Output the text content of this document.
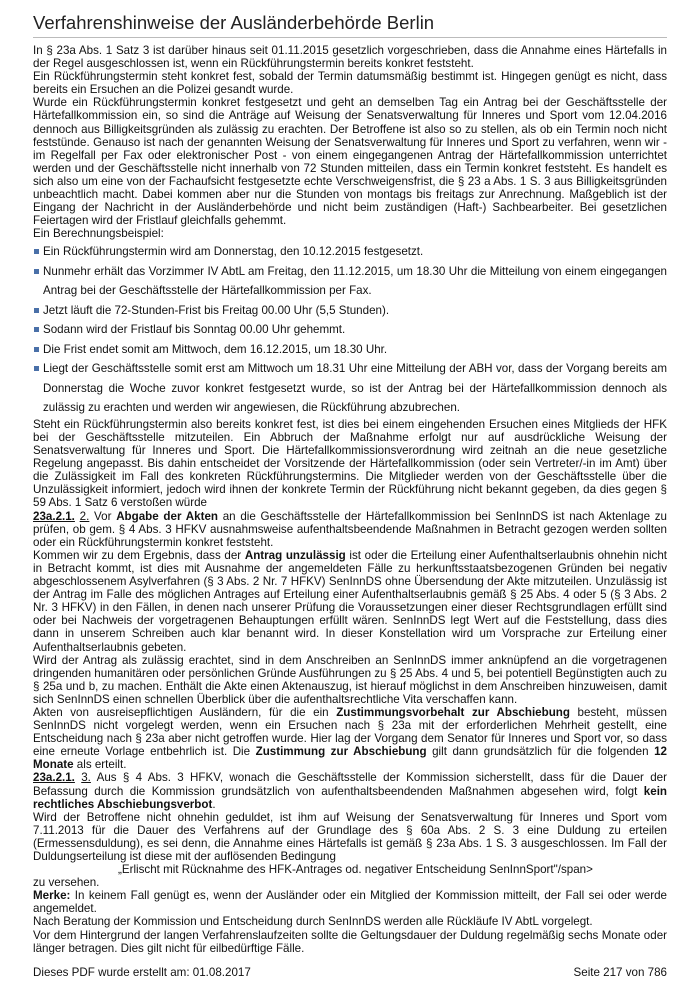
Verfahrenshinweise der Ausländerbehörde Berlin

In § 23a Abs. 1 Satz 3 ist darüber hinaus seit 01.11.2015 gesetzlich vorgeschrieben, dass die Annahme eines Härtefalls in der Regel ausgeschlossen ist, wenn ein Rückführungstermin bereits konkret feststeht.

Ein Rückführungstermin steht konkret fest, sobald der Termin datumsmäßig bestimmt ist. Hingegen genügt es nicht, dass bereits ein Ersuchen an die Polizei gesandt wurde.

Wurde ein Rückführungstermin konkret festgesetzt und geht an demselben Tag ein Antrag bei der Geschäftsstelle der Härtefallkommission ein, so sind die Anträge auf Weisung der Senatsverwaltung für Inneres und Sport vom 12.04.2016 dennoch aus Billigkeitsgründen als zulässig zu erachten. Der Betroffene ist also so zu stellen, als ob ein Termin noch nicht feststünde. Genauso ist nach der genannten Weisung der Senatsverwaltung für Inneres und Sport zu verfahren, wenn wir - im Regelfall per Fax oder elektronischer Post - von einem eingegangenen Antrag der Härtefallkommission unterrichtet werden und der Geschäftsstelle nicht innerhalb von 72 Stunden mitteilen, dass ein Termin konkret feststeht. Es handelt es sich also um eine von der Fachaufsicht festgesetzte echte Verschweigensfrist, die § 23 a Abs. 1 S. 3 aus Billigkeitsgründen unbeachtlich macht. Dabei kommen aber nur die Stunden von montags bis freitags zur Anrechnung. Maßgeblich ist der Eingang der Nachricht in der Ausländerbehörde und nicht beim zuständigen (Haft-) Sachbearbeiter. Bei gesetzlichen Feiertagen wird der Fristlauf gleichfalls gehemmt.

Ein Berechnungsbeispiel:

Ein Rückführungstermin wird am Donnerstag, den 10.12.2015 festgesetzt.
Nunmehr erhält das Vorzimmer IV AbtL am Freitag, den 11.12.2015, um 18.30 Uhr die Mitteilung von einem eingegangen Antrag bei der Geschäftsstelle der Härtefallkommission per Fax.
Jetzt läuft die 72-Stunden-Frist bis Freitag 00.00 Uhr (5,5 Stunden).
Sodann wird der Fristlauf bis Sonntag 00.00 Uhr gehemmt.
Die Frist endet somit am Mittwoch, dem 16.12.2015, um 18.30 Uhr.
Liegt der Geschäftsstelle somit erst am Mittwoch um 18.31 Uhr eine Mitteilung der ABH vor, dass der Vorgang bereits am Donnerstag die Woche zuvor konkret festgesetzt wurde, so ist der Antrag bei der Härtefallkommission dennoch als zulässig zu erachten und werden wir angewiesen, die Rückführung abzubrechen.

Steht ein Rückführungstermin also bereits konkret fest, ist dies bei einem eingehenden Ersuchen eines Mitglieds der HFK bei der Geschäftsstelle mitzuteilen. Ein Abbruch der Maßnahme erfolgt nur auf ausdrückliche Weisung der Senatsverwaltung für Inneres und Sport. Die Härtefallkommissionsverordnung wird zeitnah an die neue gesetzliche Regelung angepasst. Bis dahin entscheidet der Vorsitzende der Härtefallkommission (oder sein Vertreter/-in im Amt) über die Zulässigkeit im Fall des konkreten Rückführungstermins. Die Mitglieder werden von der Geschäftsstelle über die Unzulässigkeit informiert, jedoch wird ihnen der konkrete Termin der Rückführung nicht bekannt gegeben, da dies gegen § 59 Abs. 1 Satz 6 verstoßen würde

23a.2.1. 2. Vor Abgabe der Akten an die Geschäftsstelle der Härtefallkommission bei SenInnDS ist nach Aktenlage zu prüfen, ob gem. § 4 Abs. 3 HFKV ausnahmsweise aufenthaltsbeendende Maßnahmen in Betracht gezogen werden sollten oder ein Rückführungstermin konkret feststeht.

Kommen wir zu dem Ergebnis, dass der Antrag unzulässig ist oder die Erteilung einer Aufenthaltserlaubnis ohnehin nicht in Betracht kommt, ist dies mit Ausnahme der angemeldeten Fälle zu herkunftsstaatsbezogenen Gründen bei negativ abgeschlossenem Asylverfahren (§ 3 Abs. 2 Nr. 7 HFKV) SenInnDS ohne Übersendung der Akte mitzuteilen. Unzulässig ist der Antrag im Falle des möglichen Antrages auf Erteilung einer Aufenthaltserlaubnis gemäß § 25 Abs. 4 oder 5 (§ 3 Abs. 2 Nr. 3 HFKV) in den Fällen, in denen nach unserer Prüfung die Voraussetzungen einer dieser Rechtsgrundlagen erfüllt sind oder bei Nachweis der vorgetragenen Behauptungen erfüllt wären. SenInnDS legt Wert auf die Feststellung, dass dies dann in unserem Schreiben auch klar benannt wird. In dieser Konstellation wird um Vorsprache zur Erteilung einer Aufenthaltserlaubnis gebeten.

Wird der Antrag als zulässig erachtet, sind in dem Anschreiben an SenInnDS immer anknüpfend an die vorgetragenen dringenden humanitären oder persönlichen Gründe Ausführungen zu § 25 Abs. 4 und 5, bei potentiell Begünstigten auch zu § 25a und b, zu machen. Enthält die Akte einen Aktenauszug, ist hierauf möglichst in dem Anschreiben hinzuweisen, damit sich SenInnDS einen schnellen Überblick über die aufenthaltsrechtliche Vita verschaffen kann.

Akten von ausreisepflichtigen Ausländern, für die ein Zustimmungsvorbehalt zur Abschiebung besteht, müssen SenInnDS nicht vorgelegt werden, wenn ein Ersuchen nach § 23a mit der erforderlichen Mehrheit gestellt, eine Entscheidung nach § 23a aber nicht getroffen wurde. Hier lag der Vorgang dem Senator für Inneres und Sport vor, so dass eine erneute Vorlage entbehrlich ist. Die Zustimmung zur Abschiebung gilt dann grundsätzlich für die folgenden 12 Monate als erteilt.

23a.2.1. 3. Aus § 4 Abs. 3 HFKV, wonach die Geschäftsstelle der Kommission sicherstellt, dass für die Dauer der Befassung durch die Kommission grundsätzlich von aufenthaltsbeendenden Maßnahmen abgesehen wird, folgt kein rechtliches Abschiebungsverbot.

Wird der Betroffene nicht ohnehin geduldet, ist ihm auf Weisung der Senatsverwaltung für Inneres und Sport vom 7.11.2013 für die Dauer des Verfahrens auf der Grundlage des § 60a Abs. 2 S. 3 eine Duldung zu erteilen (Ermessensduldung), es sei denn, die Annahme eines Härtefalls ist gemäß § 23a Abs. 1 S. 3 ausgeschlossen. Im Fall der Duldungserteilung ist diese mit der auflösenden Bedingung

„Erlischt mit Rücknahme des HFK-Antrages od. negativer Entscheidung SenInnSport"/span>

zu versehen.

Merke: In keinem Fall genügt es, wenn der Ausländer oder ein Mitglied der Kommission mitteilt, der Fall sei oder werde angemeldet.

Nach Beratung der Kommission und Entscheidung durch SenInnDS werden alle Rückläufe IV AbtL vorgelegt.

Vor dem Hintergrund der langen Verfahrenslaufzeiten sollte die Geltungsdauer der Duldung regelmäßig sechs Monate oder länger betragen. Dies gilt nicht für eilbedürftige Fälle.

Dieses PDF wurde erstellt am: 01.08.2017	Seite 217 von 786
